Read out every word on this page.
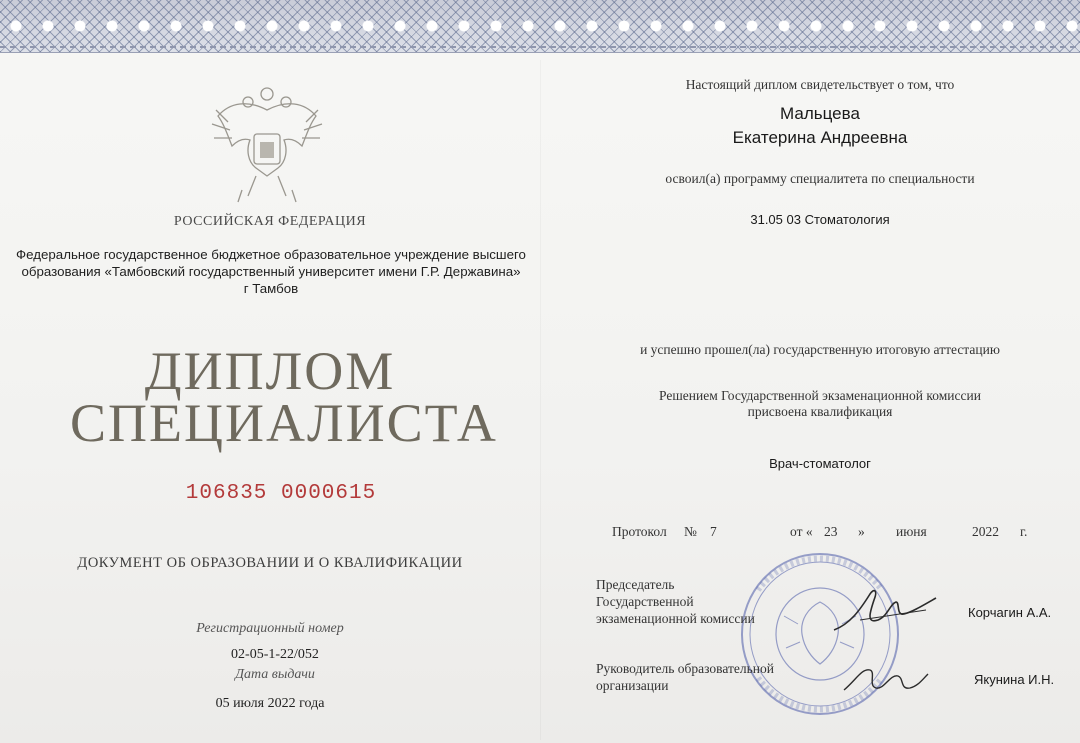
РОССИЙСКАЯ ФЕДЕРАЦИЯ
Федеральное государственное бюджетное образовательное учреждение высшего
образования «Тамбовский государственный университет имени Г.Р. Державина»
г Тамбов
ДИПЛОМ
СПЕЦИАЛИСТА
106835 0000615
ДОКУМЕНТ ОБ ОБРАЗОВАНИИ И О КВАЛИФИКАЦИИ
Регистрационный номер
02-05-1-22/052
Дата выдачи
05 июля 2022 года
Настоящий диплом свидетельствует о том, что
Мальцева
Екатерина Андреевна
освоил(а) программу специалитета по специальности
31.05 03 Стоматология
и успешно прошел(ла) государственную итоговую аттестацию
Решением Государственной экзаменационной комиссии
присвоена квалификация
Врач-стоматолог
Протокол № 7	от « 23 » июня	2022 г.
Председатель
Государственной
экзаменационной комиссии	Корчагин А.А.
Руководитель образовательной
организации	Якунина И.Н.
